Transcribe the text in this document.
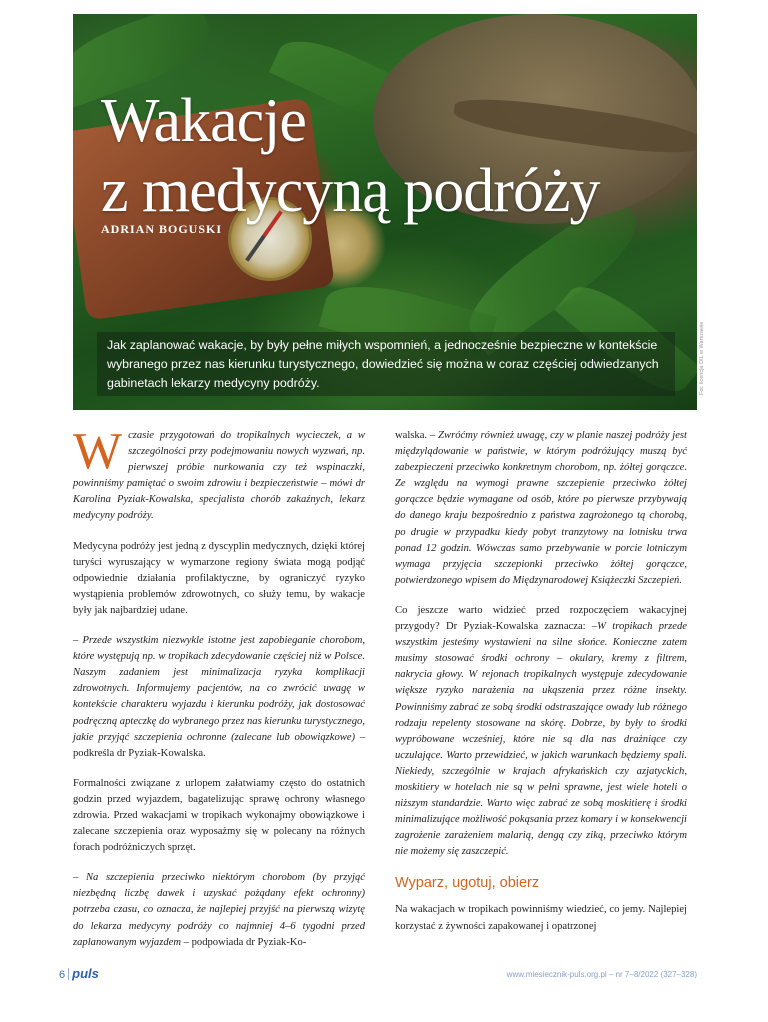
Wakacje
z medycyną podróży
ADRIAN BOGUSKI

Jak zaplanować wakacje, by były pełne miłych wspomnień, a jednocześnie bezpieczne w kontekście wybranego przez nas kierunku turystycznego, dowiedzieć się można w coraz częściej odwiedzanych gabinetach lekarzy medycyny podróży.	Fot. licencja OIL w Warszawie

Wczasie przygotowań do tropikalnych wycieczek, a w szczególności przy podejmowaniu nowych wyzwań, np. pierwszej próbie nurkowania czy też wspinaczki, powinniśmy pamiętać o swoim zdrowiu i bezpieczeństwie – mówi dr Karolina Pyziak-Kowalska, specjalista chorób zakaźnych, lekarz medycyny podróży.

Medycyna podróży jest jedną z dyscyplin medycznych, dzięki której turyści wyruszający w wymarzone regiony świata mogą podjąć odpowiednie działania profilaktyczne, by ograniczyć ryzyko wystąpienia problemów zdrowotnych, co służy temu, by wakacje były jak najbardziej udane.

– Przede wszystkim niezwykle istotne jest zapobieganie chorobom, które występują np. w tropikach zdecydowanie częściej niż w Polsce. Naszym zadaniem jest minimalizacja ryzyka komplikacji zdrowotnych. Informujemy pacjentów, na co zwrócić uwagę w kontekście charakteru wyjazdu i kierunku podróży, jak dostosować podręczną apteczkę do wybranego przez nas kierunku turystycznego, jakie przyjąć szczepienia ochronne (zalecane lub obowiązkowe) – podkreśla dr Pyziak-Kowalska.

Formalności związane z urlopem załatwiamy często do ostatnich godzin przed wyjazdem, bagatelizując sprawę ochrony własnego zdrowia. Przed wakacjami w tropikach wykonajmy obowiązkowe i zalecane szczepienia oraz wyposażmy się w polecany na różnych forach podróżniczych sprzęt.

– Na szczepienia przeciwko niektórym chorobom (by przyjąć niezbędną liczbę dawek i uzyskać pożądany efekt ochronny) potrzeba czasu, co oznacza, że najlepiej przyjść na pierwszą wizytę do lekarza medycyny podróży co najmniej 4–6 tygodni przed zaplanowanym wyjazdem – podpowiada dr Pyziak-Ko-

walska. – Zwróćmy również uwagę, czy w planie naszej podróży jest międzylądowanie w państwie, w którym podróżujący muszą być zabezpieczeni przeciwko konkretnym chorobom, np. żółtej gorączce. Ze względu na wymogi prawne szczepienie przeciwko żółtej gorączce będzie wymagane od osób, które po pierwsze przybywają do danego kraju bezpośrednio z państwa zagrożonego tą chorobą, po drugie w przypadku kiedy pobyt tranzytowy na lotnisku trwa ponad 12 godzin. Wówczas samo przebywanie w porcie lotniczym wymaga przyjęcia szczepionki przeciwko żółtej gorączce, potwierdzonego wpisem do Międzynarodowej Książeczki Szczepień.

Co jeszcze warto widzieć przed rozpoczęciem wakacyjnej przygody? Dr Pyziak-Kowalska zaznacza: –W tropikach przede wszystkim jesteśmy wystawieni na silne słońce. Konieczne zatem musimy stosować środki ochrony – okulary, kremy z filtrem, nakrycia głowy. W rejonach tropikalnych występuje zdecydowanie większe ryzyko narażenia na ukąszenia przez różne insekty. Powinniśmy zabrać ze sobą środki odstraszające owady lub różnego rodzaju repelenty stosowane na skórę. Dobrze, by były to środki wypróbowane wcześniej, które nie są dla nas drażniące czy uczulające. Warto przewidzieć, w jakich warunkach będziemy spali. Niekiedy, szczególnie w krajach afrykańskich czy azjatyckich, moskitiery w hotelach nie są w pełni sprawne, jest wiele hoteli o niższym standardzie. Warto więc zabrać ze sobą moskitierę i środki minimalizujące możliwość pokąsania przez komary i w konsekwencji zagrożenie zarażeniem malarią, dengą czy ziką, przeciwko którym nie możemy się zaszczepić.

Wyparz, ugotuj, obierz

Na wakacjach w tropikach powinniśmy wiedzieć, co jemy. Najlepiej korzystać z żywności zapakowanej i opatrzonej

6 puls	www.miesiecznik-puls.org.pl – nr 7–8/2022 (327–328)
